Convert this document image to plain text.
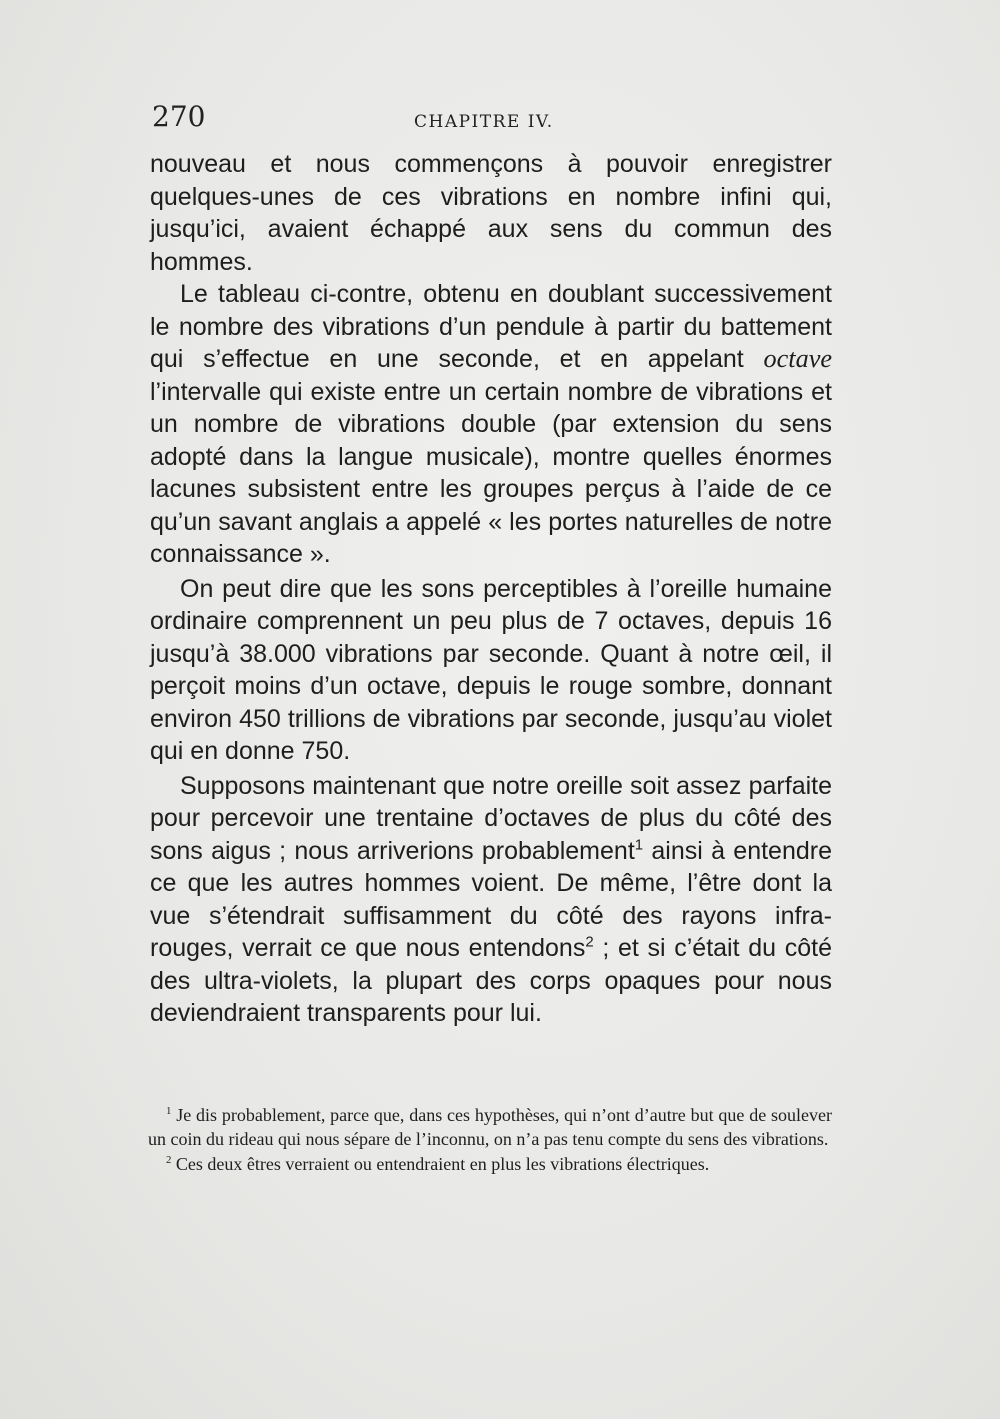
270	CHAPITRE IV.

nouveau et nous commençons à pouvoir enregistrer quelques-unes de ces vibrations en nombre infini qui, jusqu’ici, avaient échappé aux sens du commun des hommes.

Le tableau ci-contre, obtenu en doublant successivement le nombre des vibrations d’un pendule à partir du battement qui s’effectue en une seconde, et en appelant octave l’intervalle qui existe entre un certain nombre de vibrations et un nombre de vibrations double (par extension du sens adopté dans la langue musicale), montre quelles énormes lacunes subsistent entre les groupes perçus à l’aide de ce qu’un savant anglais a appelé « les portes naturelles de notre connaissance ».

On peut dire que les sons perceptibles à l’oreille humaine ordinaire comprennent un peu plus de 7 octaves, depuis 16 jusqu’à 38.000 vibrations par seconde. Quant à notre œil, il perçoit moins d’un octave, depuis le rouge sombre, donnant environ 450 trillions de vibrations par seconde, jusqu’au violet qui en donne 750.

Supposons maintenant que notre oreille soit assez parfaite pour percevoir une trentaine d’octaves de plus du côté des sons aigus ; nous arriverions probablement$^1$ ainsi à entendre ce que les autres hommes voient. De même, l’être dont la vue s’étendrait suffisamment du côté des rayons infra-rouges, verrait ce que nous entendons$^2$ ; et si c’était du côté des ultra-violets, la plupart des corps opaques pour nous deviendraient transparents pour lui.

$^1$ Je dis probablement, parce que, dans ces hypothèses, qui n’ont d’autre but que de soulever un coin du rideau qui nous sépare de l’inconnu, on n’a pas tenu compte du sens des vibrations.

$^2$ Ces deux êtres verraient ou entendraient en plus les vibrations électriques.
